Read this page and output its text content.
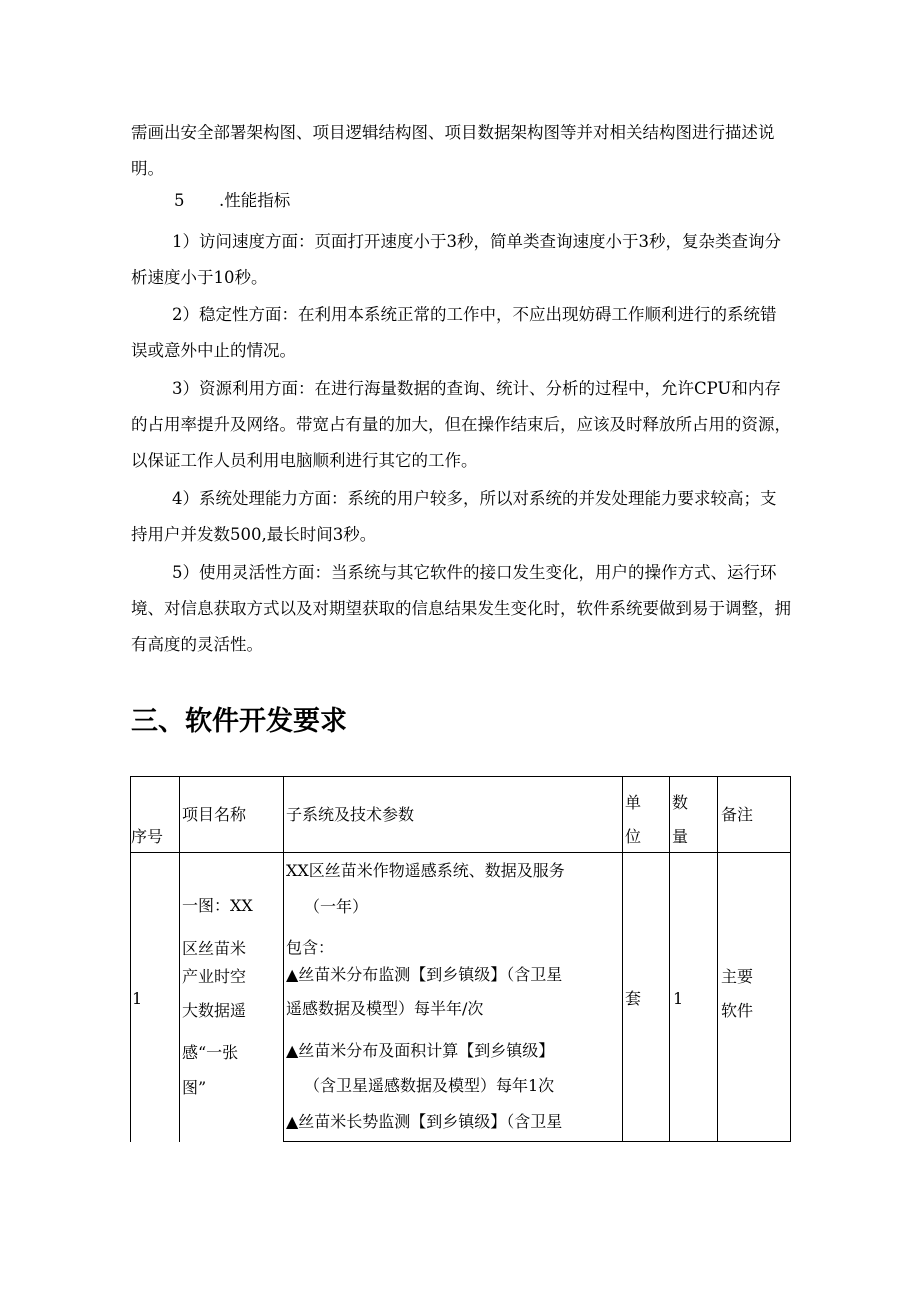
需画出安全部署架构图、项目逻辑结构图、项目数据架构图等并对相关结构图进行描述说明。

5 .性能指标

1）访问速度方面：页面打开速度小于3秒，简单类查询速度小于3秒，复杂类查询分析速度小于10秒。

2）稳定性方面：在利用本系统正常的工作中，不应出现妨碍工作顺利进行的系统错误或意外中止的情况。

3）资源利用方面：在进行海量数据的查询、统计、分析的过程中，允许CPU和内存的占用率提升及网络。带宽占有量的加大，但在操作结束后，应该及时释放所占用的资源，以保证工作人员利用电脑顺利进行其它的工作。

4）系统处理能力方面：系统的用户较多，所以对系统的并发处理能力要求较高；支持用户并发数500,最长时间3秒。

5）使用灵活性方面：当系统与其它软件的接口发生变化，用户的操作方式、运行环境、对信息获取方式以及对期望获取的信息结果发生变化时，软件系统要做到易于调整，拥有高度的灵活性。

三、软件开发要求
序号
项目名称 子系统及技术参数
单
位
数
量
备注
1
一图：XX
区丝苗米
产业时空
大数据遥
感“一张
图”
XX区丝苗米作物遥感系统、数据及服务
（一年）
包含：
▲丝苗米分布监测【到乡镇级】（含卫星
遥感数据及模型）每半年/次
▲丝苗米分布及面积计算【到乡镇级】
（含卫星遥感数据及模型）每年1次
▲丝苗米长势监测【到乡镇级】（含卫星
套 1
主要
软件
